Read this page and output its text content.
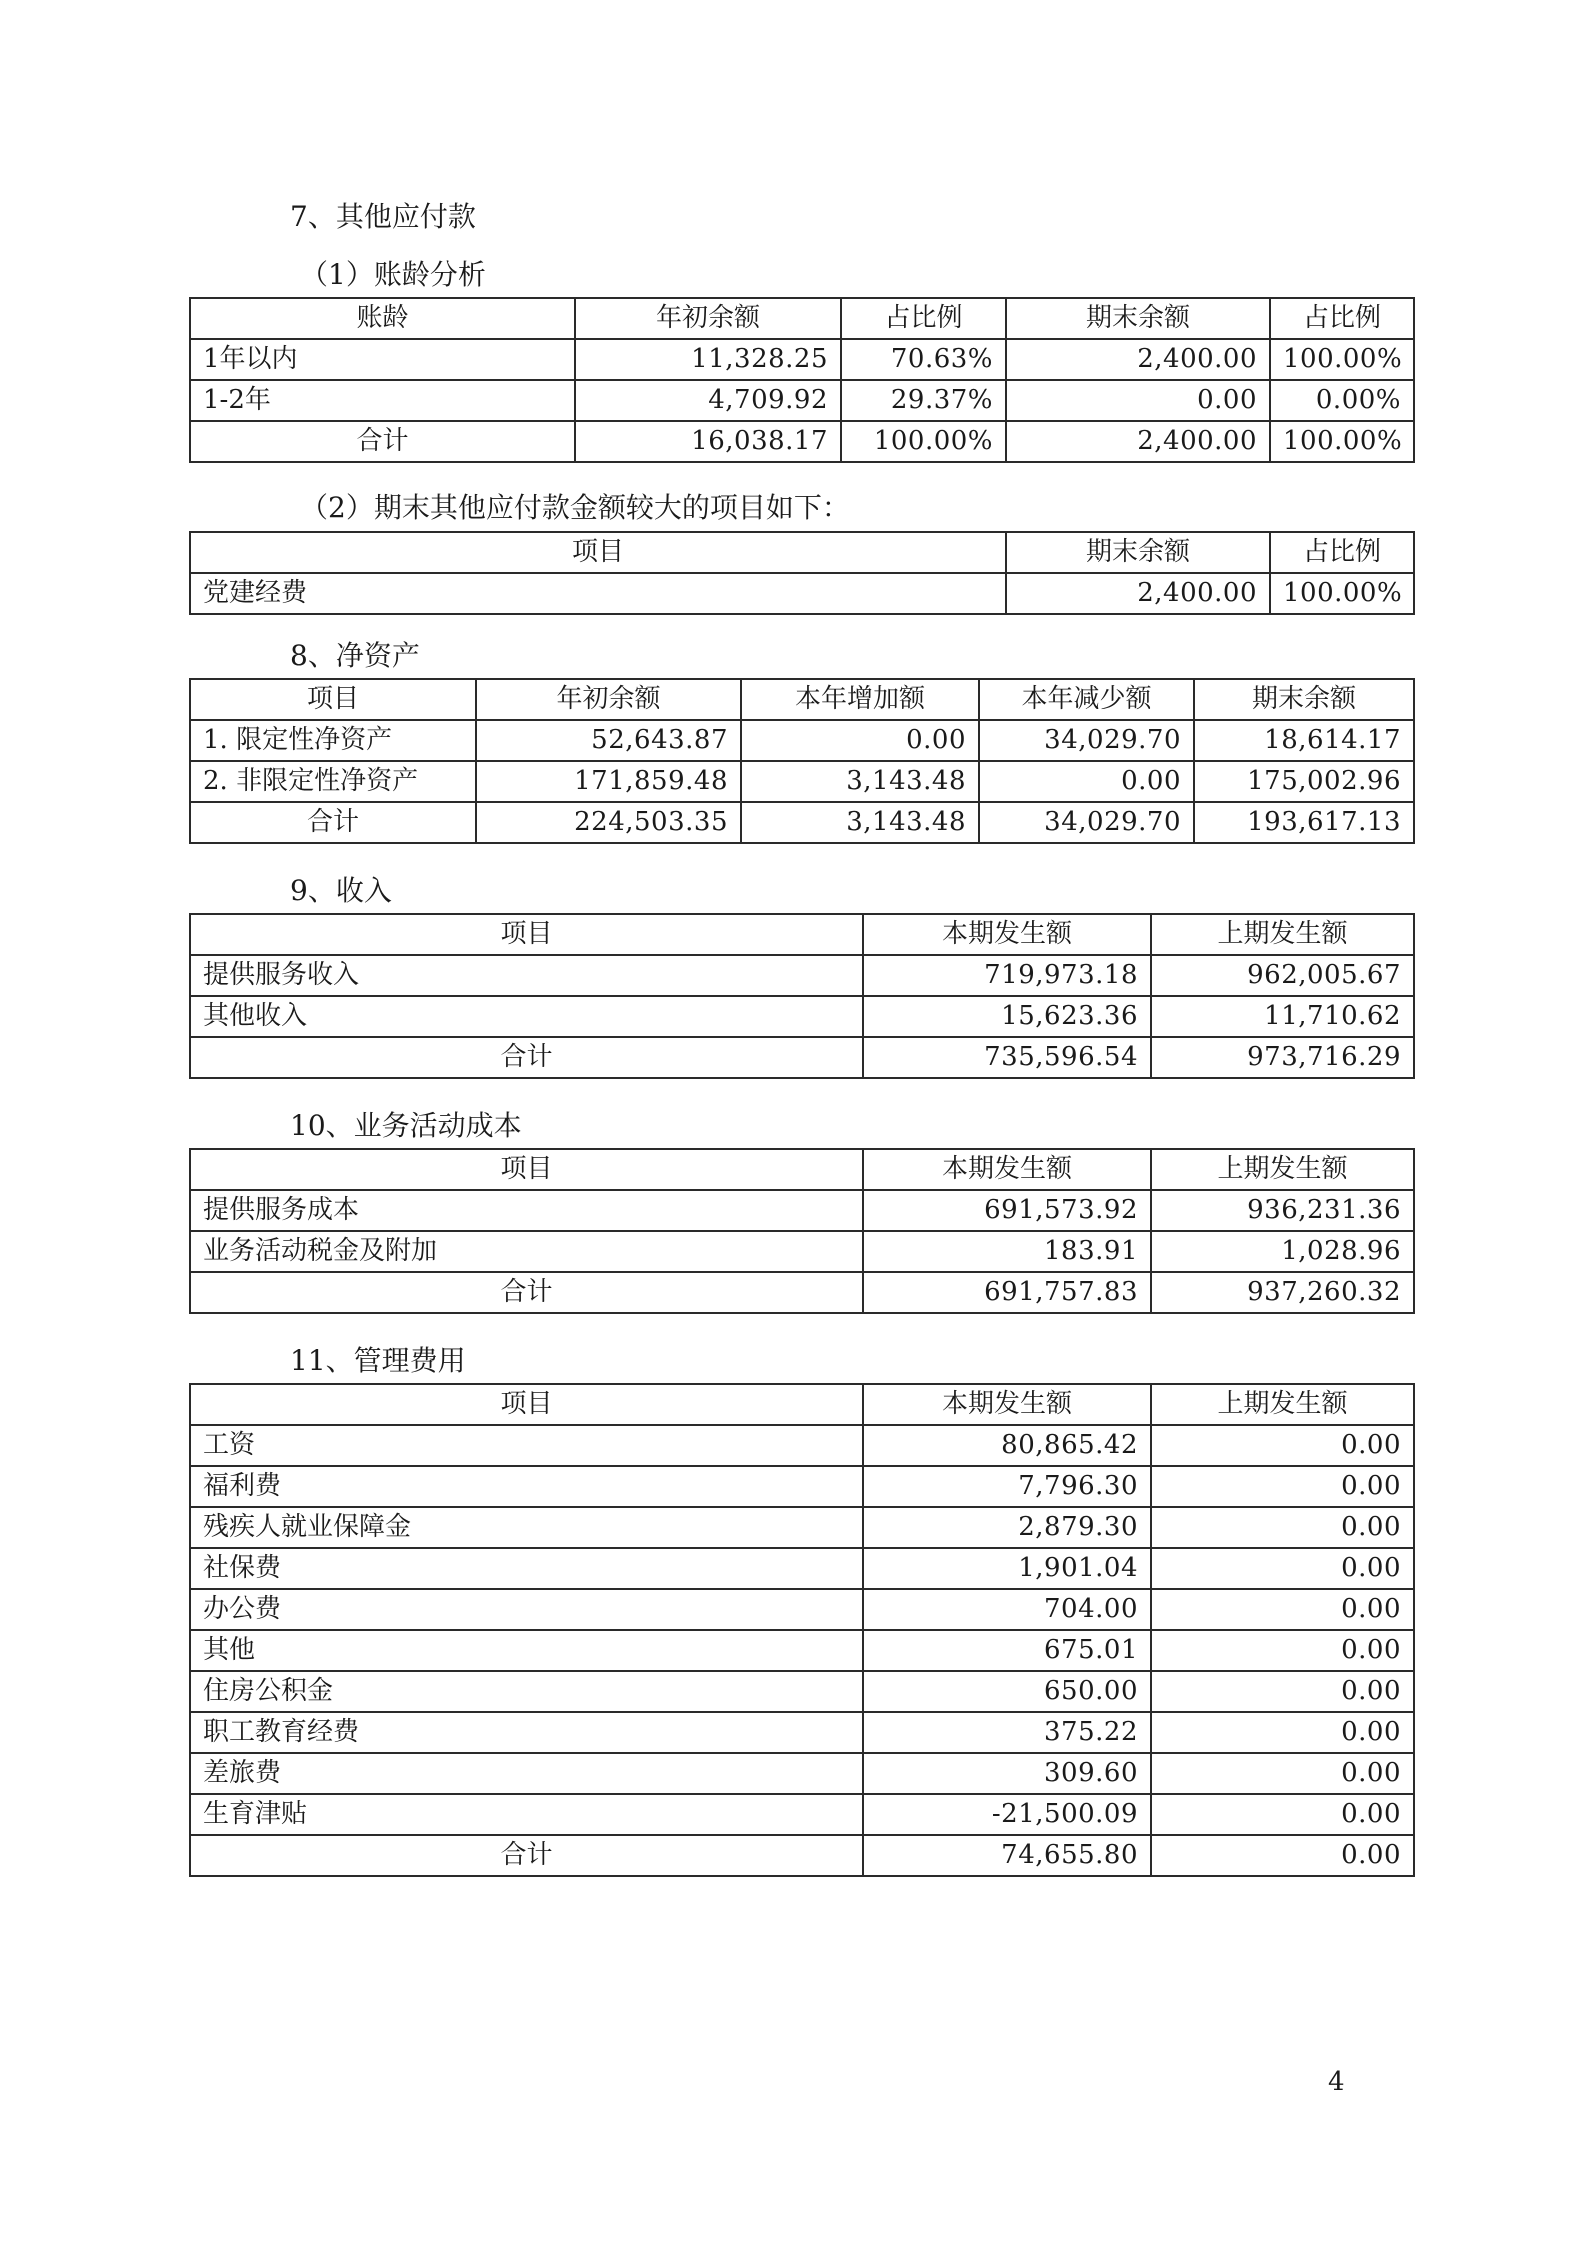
7、其他应付款
（1）账龄分析
账龄	年初余额	占比例	期末余额	占比例
1年以内	11,328.25	70.63%	2,400.00	100.00%
1-2年	4,709.92	29.37%	0.00	0.00%
合计	16,038.17	100.00%	2,400.00	100.00%
（2）期末其他应付款金额较大的项目如下：
项目	期末余额	占比例
党建经费	2,400.00	100.00%
8、净资产
项目	年初余额	本年增加额	本年减少额	期末余额
1. 限定性净资产	52,643.87	0.00	34,029.70	18,614.17
2. 非限定性净资产	171,859.48	3,143.48	0.00	175,002.96
合计	224,503.35	3,143.48	34,029.70	193,617.13
9、收入
项目	本期发生额	上期发生额
提供服务收入	719,973.18	962,005.67
其他收入	15,623.36	11,710.62
合计	735,596.54	973,716.29
10、业务活动成本
项目	本期发生额	上期发生额
提供服务成本	691,573.92	936,231.36
业务活动税金及附加	183.91	1,028.96
合计	691,757.83	937,260.32
11、管理费用
项目	本期发生额	上期发生额
工资	80,865.42	0.00
福利费	7,796.30	0.00
残疾人就业保障金	2,879.30	0.00
社保费	1,901.04	0.00
办公费	704.00	0.00
其他	675.01	0.00
住房公积金	650.00	0.00
职工教育经费	375.22	0.00
差旅费	309.60	0.00
生育津贴	-21,500.09	0.00
合计	74,655.80	0.00
4
